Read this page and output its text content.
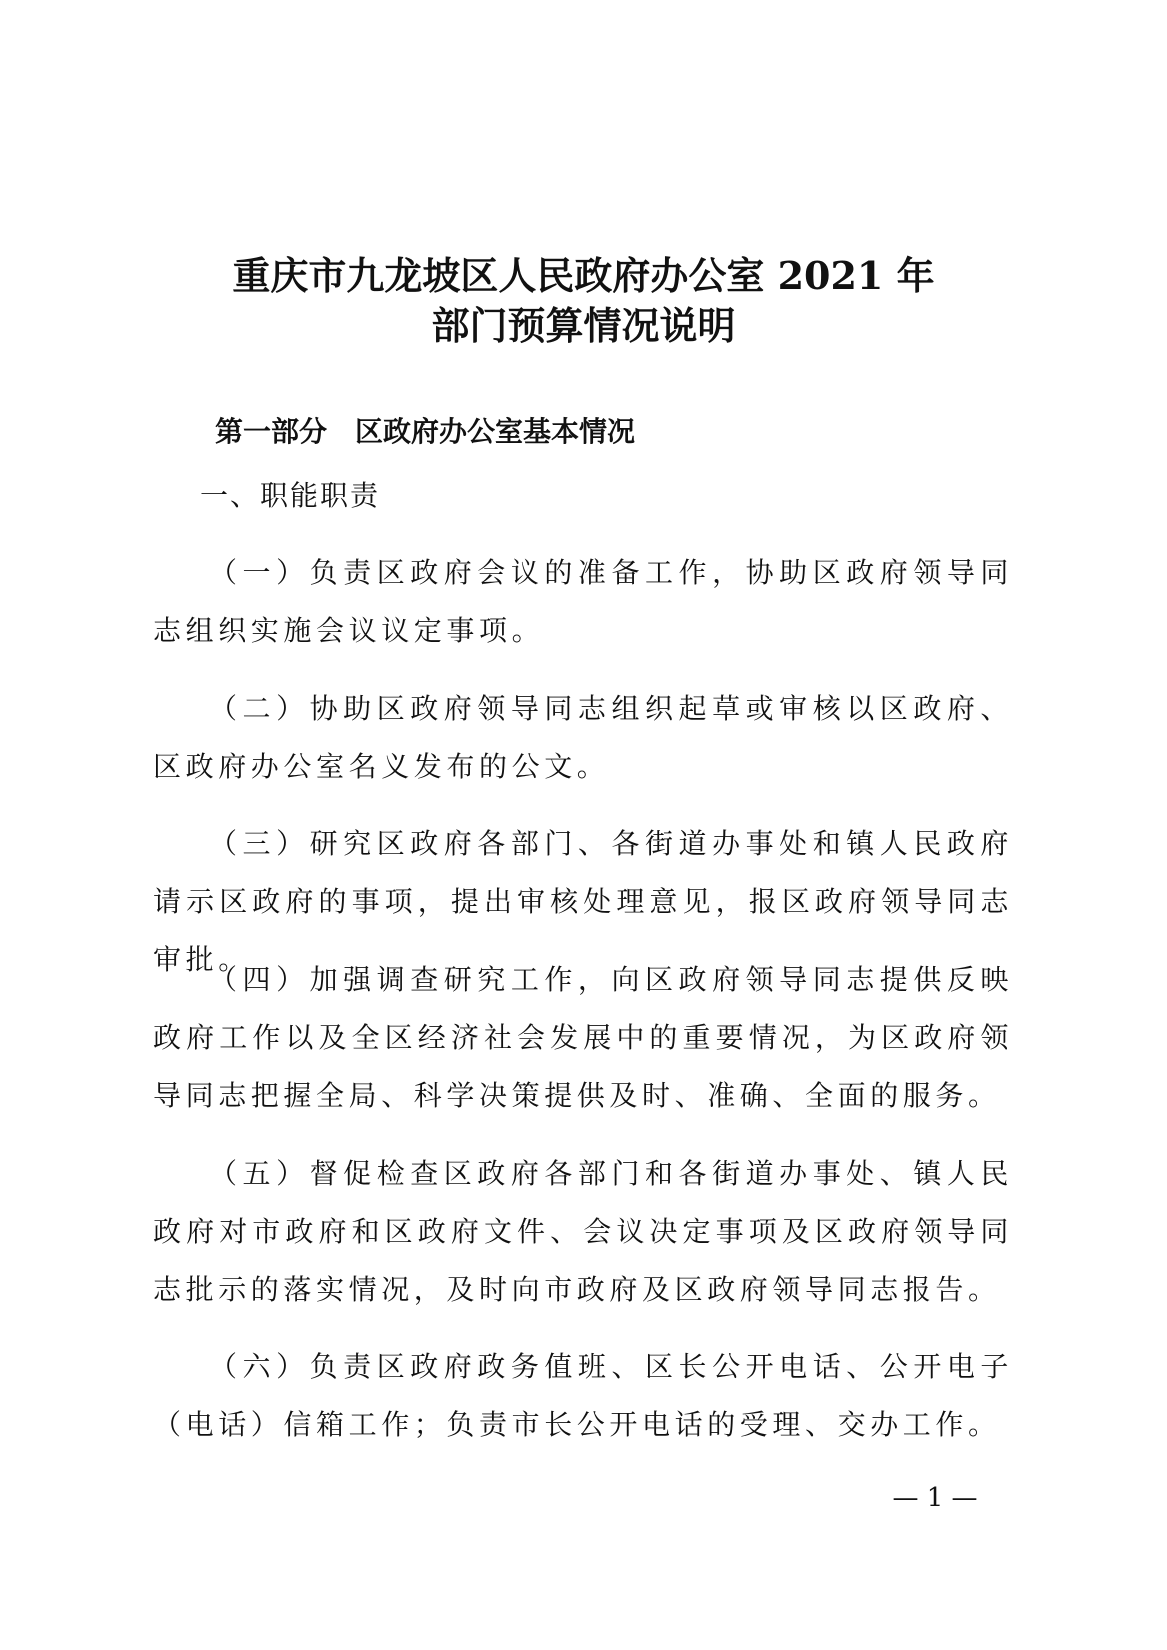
重庆市九龙坡区人民政府办公室 2021 年
部门预算情况说明
第一部分　区政府办公室基本情况
一、职能职责

（一）负责区政府会议的准备工作，协助区政府领导同志组织实施会议议定事项。

（二）协助区政府领导同志组织起草或审核以区政府、区政府办公室名义发布的公文。

（三）研究区政府各部门、各街道办事处和镇人民政府请示区政府的事项，提出审核处理意见，报区政府领导同志审批。

（四）加强调查研究工作，向区政府领导同志提供反映政府工作以及全区经济社会发展中的重要情况，为区政府领导同志把握全局、科学决策提供及时、准确、全面的服务。

（五）督促检查区政府各部门和各街道办事处、镇人民政府对市政府和区政府文件、会议决定事项及区政府领导同志批示的落实情况，及时向市政府及区政府领导同志报告。

（六）负责区政府政务值班、区长公开电话、公开电子（电话）信箱工作；负责市长公开电话的受理、交办工作。

— 1 —
